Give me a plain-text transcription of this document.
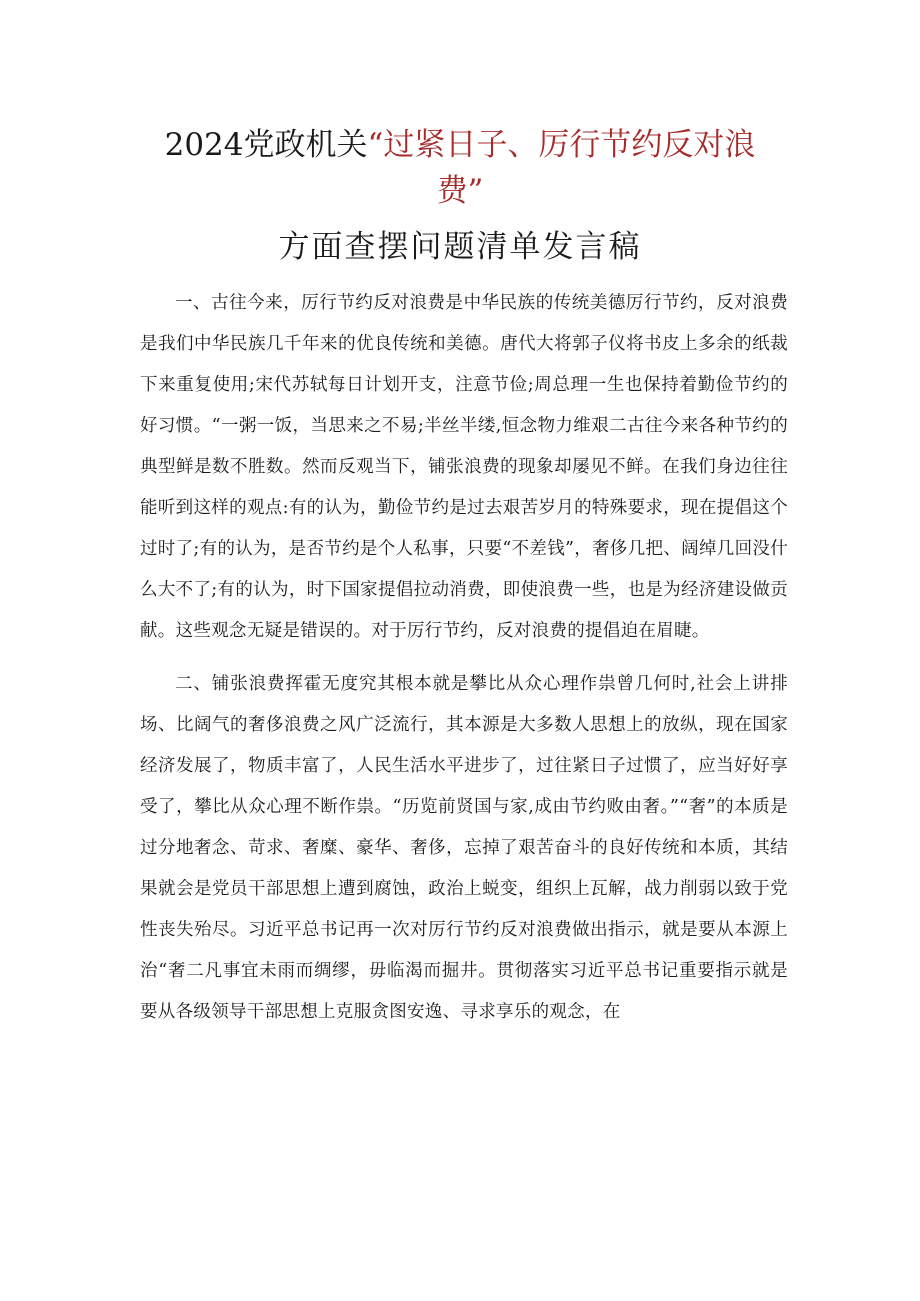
2024党政机关“过紧日子、厉行节约反对浪
费”
方面查摆问题清单发言稿

一、古往今来，厉行节约反对浪费是中华民族的传统美德厉行节约，反对浪费是我们中华民族几千年来的优良传统和美德。唐代大将郭子仪将书皮上多余的纸裁下来重复使用;宋代苏轼每日计划开支，注意节俭;周总理一生也保持着勤俭节约的好习惯。“一粥一饭，当思来之不易;半丝半缕,恒念物力维艰二古往今来各种节约的典型鲜是数不胜数。然而反观当下，铺张浪费的现象却屡见不鲜。在我们身边往往能听到这样的观点:有的认为，勤俭节约是过去艰苦岁月的特殊要求，现在提倡这个过时了;有的认为，是否节约是个人私事，只要“不差钱”，奢侈几把、阔绰几回没什么大不了;有的认为，时下国家提倡拉动消费，即使浪费一些，也是为经济建设做贡献。这些观念无疑是错误的。对于厉行节约，反对浪费的提倡迫在眉睫。

二、铺张浪费挥霍无度究其根本就是攀比从众心理作祟曾几何时,社会上讲排场、比阔气的奢侈浪费之风广泛流行，其本源是大多数人思想上的放纵，现在国家经济发展了，物质丰富了，人民生活水平进步了，过往紧日子过惯了，应当好好享受了，攀比从众心理不断作祟。“历览前贤国与家,成由节约败由奢。”“奢”的本质是过分地奢念、苛求、奢糜、豪华、奢侈，忘掉了艰苦奋斗的良好传统和本质，其结果就会是党员干部思想上遭到腐蚀，政治上蜕变，组织上瓦解，战力削弱以致于党性丧失殆尽。习近平总书记再一次对厉行节约反对浪费做出指示，就是要从本源上治“奢二凡事宜未雨而绸缪，毋临渴而掘井。贯彻落实习近平总书记重要指示就是要从各级领导干部思想上克服贪图安逸、寻求享乐的观念，在
